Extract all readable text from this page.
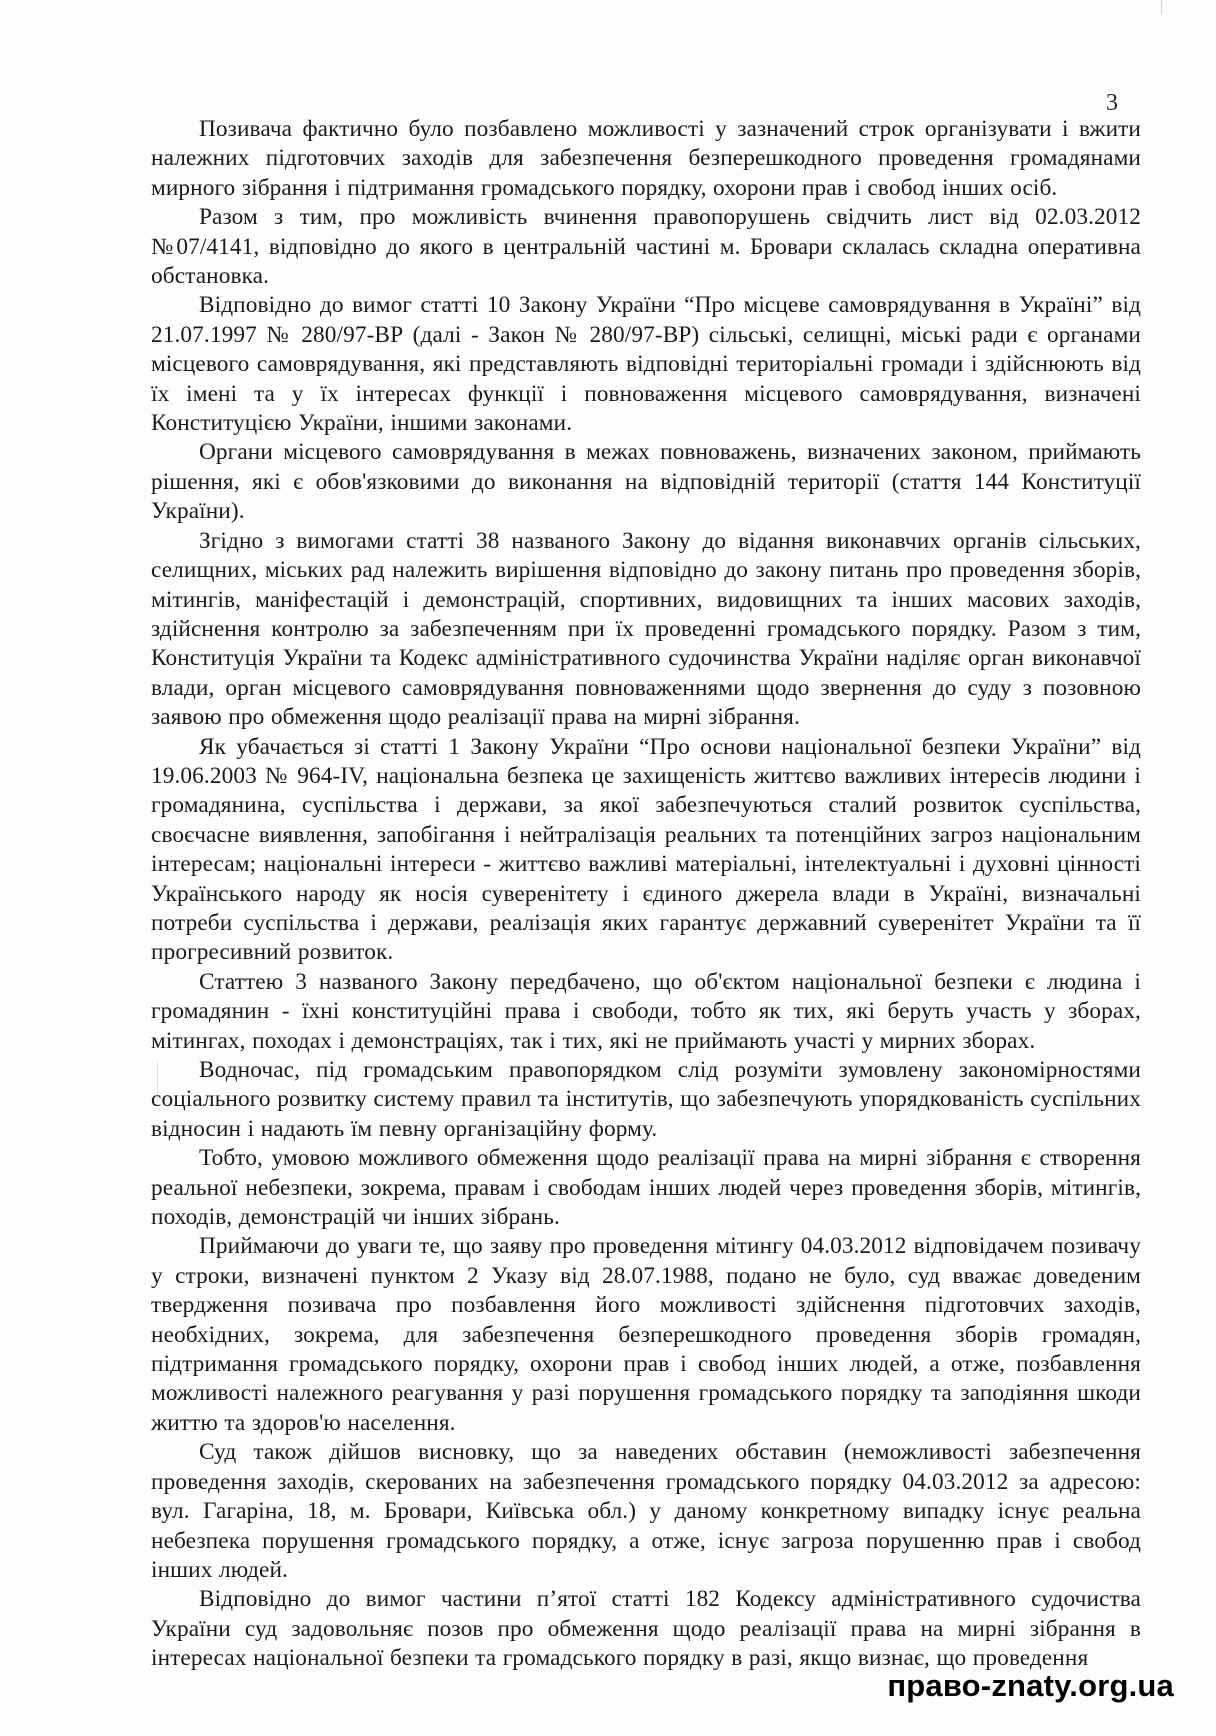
3

Позивача фактично було позбавлено можливості у зазначений строк організувати і вжити належних підготовчих заходів для забезпечення безперешкодного проведення громадянами мирного зібрання і підтримання громадського порядку, охорони прав і свобод інших осіб.

Разом з тим, про можливість вчинення правопорушень свідчить лист від 02.03.2012 №07/4141, відповідно до якого в центральній частині м. Бровари склалась складна оперативна обстановка.

Відповідно до вимог статті 10 Закону України “Про місцеве самоврядування в Україні” від 21.07.1997 № 280/97-ВР (далі - Закон № 280/97-ВР) сільські, селищні, міські ради є органами місцевого самоврядування, які представляють відповідні територіальні громади і здійснюють від їх імені та у їх інтересах функції і повноваження місцевого самоврядування, визначені Конституцією України, іншими законами.

Органи місцевого самоврядування в межах повноважень, визначених законом, приймають рішення, які є обов'язковими до виконання на відповідній території (стаття 144 Конституції України).

Згідно з вимогами статті 38 названого Закону до відання виконавчих органів сільських, селищних, міських рад належить вирішення відповідно до закону питань про проведення зборів, мітингів, маніфестацій і демонстрацій, спортивних, видовищних та інших масових заходів, здійснення контролю за забезпеченням при їх проведенні громадського порядку. Разом з тим, Конституція України та Кодекс адміністративного судочинства України наділяє орган виконавчої влади, орган місцевого самоврядування повноваженнями щодо звернення до суду з позовною заявою про обмеження щодо реалізації права на мирні зібрання.

Як убачається зі статті 1 Закону України “Про основи національної безпеки України” від 19.06.2003 № 964-IV, національна безпека це захищеність життєво важливих інтересів людини і громадянина, суспільства і держави, за якої забезпечуються сталий розвиток суспільства, своєчасне виявлення, запобігання і нейтралізація реальних та потенційних загроз національним інтересам; національні інтереси - життєво важливі матеріальні, інтелектуальні і духовні цінності Українського народу як носія суверенітету і єдиного джерела влади в Україні, визначальні потреби суспільства і держави, реалізація яких гарантує державний суверенітет України та її прогресивний розвиток.

Статтею 3 названого Закону передбачено, що об'єктом національної безпеки є людина і громадянин - їхні конституційні права і свободи, тобто як тих, які беруть участь у зборах, мітингах, походах і демонстраціях, так і тих, які не приймають участі у мирних зборах.

Водночас, під громадським правопорядком слід розуміти зумовлену закономірностями соціального розвитку систему правил та інститутів, що забезпечують упорядкованість суспільних відносин і надають їм певну організаційну форму.

Тобто, умовою можливого обмеження щодо реалізації права на мирні зібрання є створення реальної небезпеки, зокрема, правам і свободам інших людей через проведення зборів, мітингів, походів, демонстрацій чи інших зібрань.

Приймаючи до уваги те, що заяву про проведення мітингу 04.03.2012 відповідачем позивачу у строки, визначені пунктом 2 Указу від 28.07.1988, подано не було, суд вважає доведеним твердження позивача про позбавлення його можливості здійснення підготовчих заходів, необхідних, зокрема, для забезпечення безперешкодного проведення зборів громадян, підтримання громадського порядку, охорони прав і свобод інших людей, а отже, позбавлення можливості належного реагування у разі порушення громадського порядку та заподіяння шкоди життю та здоров'ю населення.

Суд також дійшов висновку, що за наведених обставин (неможливості забезпечення проведення заходів, скерованих на забезпечення громадського порядку 04.03.2012 за адресою: вул. Гагаріна, 18, м. Бровари, Київська обл.) у даному конкретному випадку існує реальна небезпека порушення громадського порядку, а отже, існує загроза порушенню прав і свобод інших людей.

Відповідно до вимог частини п’ятої статті 182 Кодексу адміністративного судочиства України суд задовольняє позов про обмеження щодо реалізації права на мирні зібрання в інтересах національної безпеки та громадського порядку в разі, якщо визнає, що проведення

право-znaty.org.ua
